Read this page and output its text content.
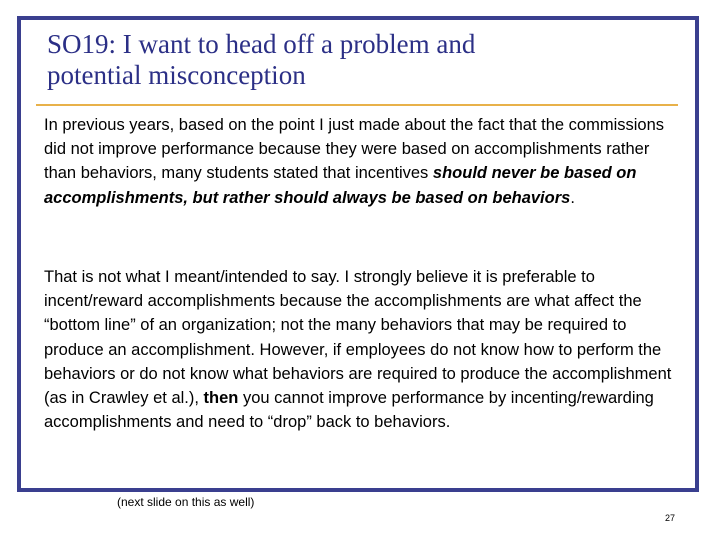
SO19: I want to head off a problem and
potential misconception

In previous years, based on the point I just made about the fact that the commissions did not improve performance because they were based on accomplishments rather than behaviors, many students stated that incentives should never be based on accomplishments, but rather should always be based on behaviors.

That is not what I meant/intended to say. I strongly believe it is preferable to incent/reward accomplishments because the accomplishments are what affect the “bottom line” of an organization; not the many behaviors that may be required to produce an accomplishment. However, if employees do not know how to perform the behaviors or do not know what behaviors are required to produce the accomplishment (as in Crawley et al.), then you cannot improve performance by incenting/rewarding accomplishments and need to “drop” back to behaviors.

(next slide on this as well)
27
